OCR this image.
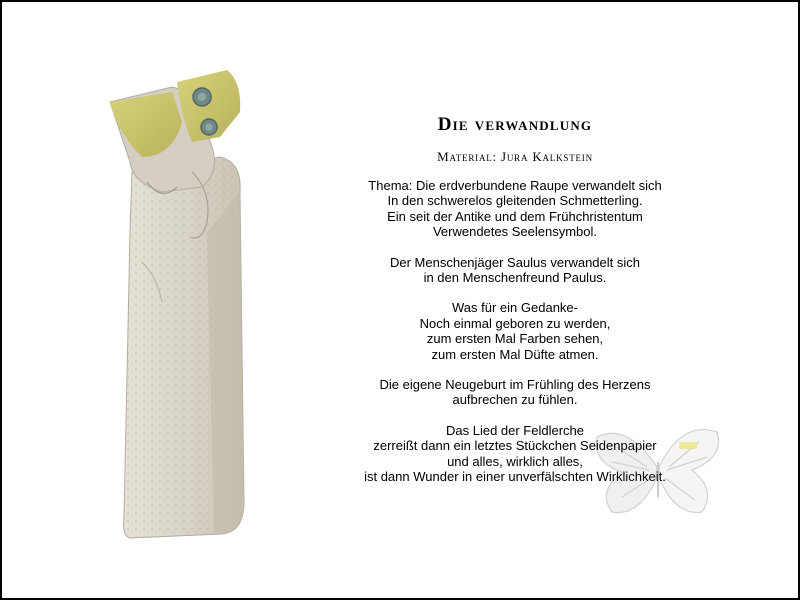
Die verwandlung
Material: Jura Kalkstein
Thema: Die erdverbundene Raupe verwandelt sich
In den schwerelos gleitenden Schmetterling.
Ein seit der Antike und dem Frühchristentum
Verwendetes Seelensymbol.
Der Menschenjäger Saulus verwandelt sich
in den Menschenfreund Paulus.
Was für ein Gedanke-
Noch einmal geboren zu werden,
zum ersten Mal Farben sehen,
zum ersten Mal Düfte atmen.
Die eigene Neugeburt im Frühling des Herzens
aufbrechen zu fühlen.
Das Lied der Feldlerche
zerreißt dann ein letztes Stückchen Seidenpapier
und alles, wirklich alles,
ist dann Wunder in einer unverfälschten Wirklichkeit.
